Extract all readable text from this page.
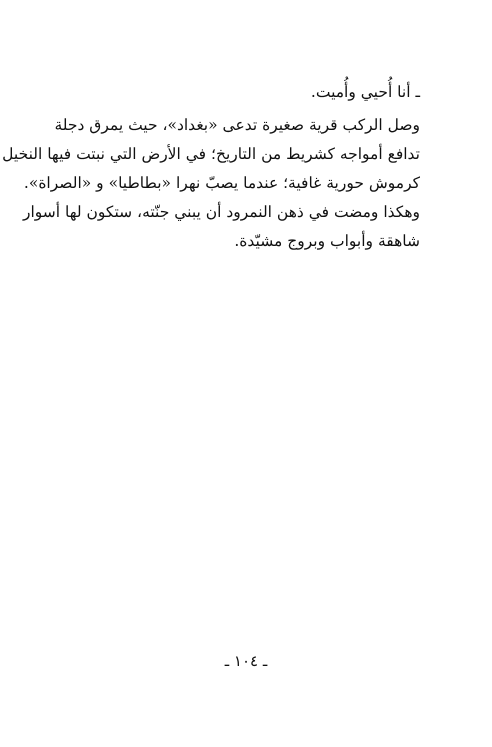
ـ أنا أُحيي وأُميت.
وصل الركب قرية صغيرة تدعى «بغداد»، حيث يمرق دجلة
تدافع أمواجه كشريط من التاريخ؛ في الأرض التي نبتت فيها النخيل
كرموش حورية غافية؛ عندما يصبّ نهرا «بطاطيا» و «الصراة».
وهكذا ومضت في ذهن النمرود أن يبني جنّته، ستكون لها أسوار
شاهقة وأبواب وبروج مشيّدة.
ـ ١٠٤ ـ
